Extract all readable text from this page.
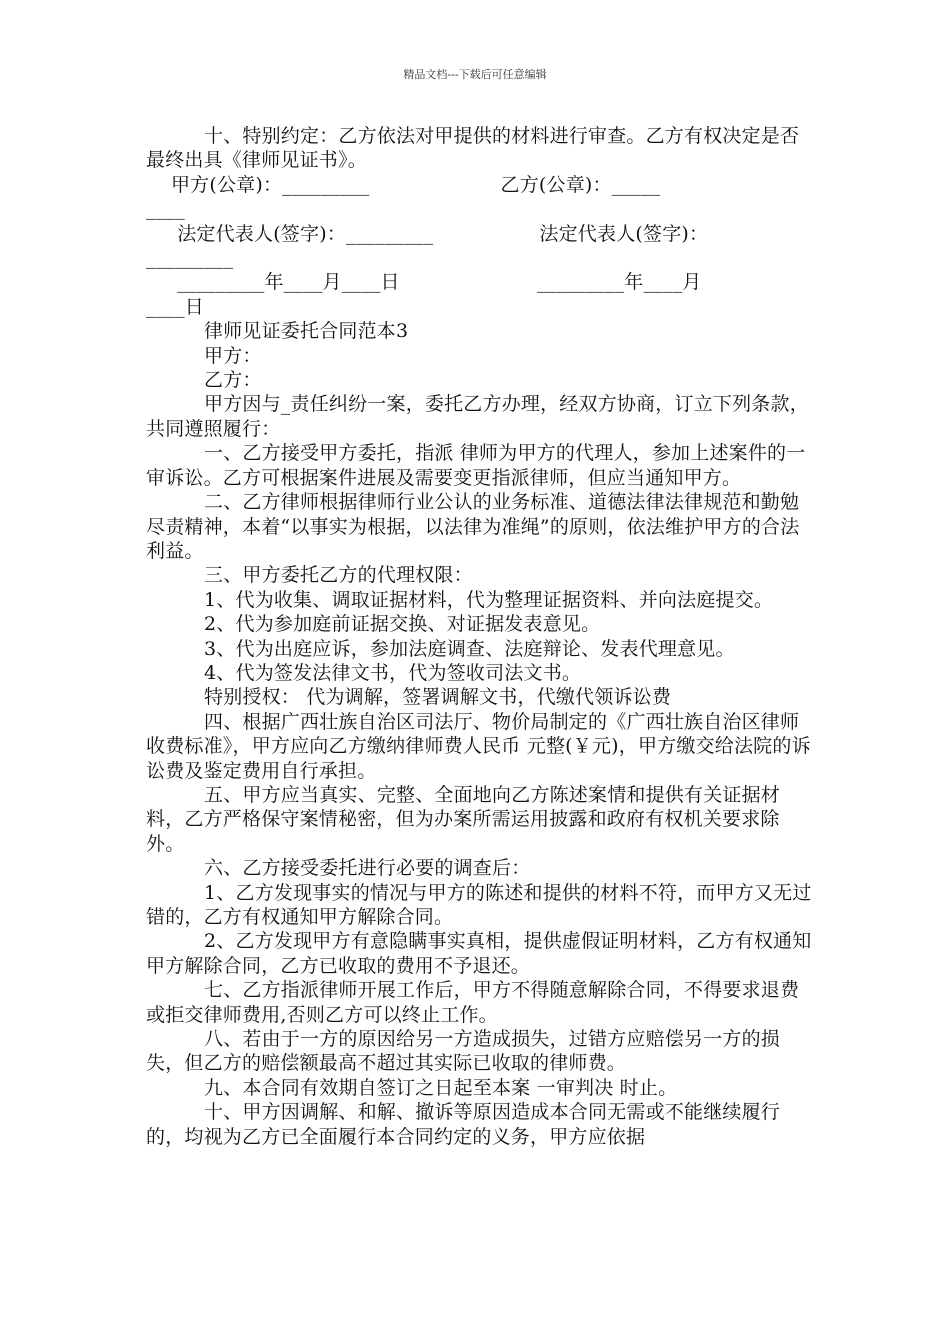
精品文档---下载后可任意编辑

十、特别约定：乙方依法对甲提供的材料进行审查。乙方有权决定是否最终出具《律师见证书》。

甲方(公章)：_________                     乙方(公章)：_____

____

法定代表人(签字)：_________                 法定代表人(签字)：

_________

_________年____月____日                      _________年____月

____日

律师见证委托合同范本3

甲方：

乙方：

甲方因与_责任纠纷一案，委托乙方办理，经双方协商，订立下列条款，共同遵照履行：

一、乙方接受甲方委托，指派 律师为甲方的代理人，参加上述案件的一审诉讼。乙方可根据案件进展及需要变更指派律师，但应当通知甲方。

二、乙方律师根据律师行业公认的业务标准、道德法律法律规范和勤勉尽责精神，本着“以事实为根据，以法律为准绳”的原则，依法维护甲方的合法利益。

三、甲方委托乙方的代理权限：

1、代为收集、调取证据材料，代为整理证据资料、并向法庭提交。

2、代为参加庭前证据交换、对证据发表意见。

3、代为出庭应诉，参加法庭调查、法庭辩论、发表代理意见。

4、代为签发法律文书，代为签收司法文书。

特别授权： 代为调解，签署调解文书，代缴代领诉讼费

四、根据广西壮族自治区司法厅、物价局制定的《广西壮族自治区律师收费标准》，甲方应向乙方缴纳律师费人民币 元整(￥元)，甲方缴交给法院的诉讼费及鉴定费用自行承担。

五、甲方应当真实、完整、全面地向乙方陈述案情和提供有关证据材料，乙方严格保守案情秘密，但为办案所需运用披露和政府有权机关要求除外。

六、乙方接受委托进行必要的调查后：

1、乙方发现事实的情况与甲方的陈述和提供的材料不符，而甲方又无过错的，乙方有权通知甲方解除合同。

2、乙方发现甲方有意隐瞒事实真相，提供虚假证明材料，乙方有权通知甲方解除合同，乙方已收取的费用不予退还。

七、乙方指派律师开展工作后，甲方不得随意解除合同，不得要求退费或拒交律师费用,否则乙方可以终止工作。

八、若由于一方的原因给另一方造成损失，过错方应赔偿另一方的损失，但乙方的赔偿额最高不超过其实际已收取的律师费。

九、本合同有效期自签订之日起至本案 一审判决 时止。

十、甲方因调解、和解、撤诉等原因造成本合同无需或不能继续履行的，均视为乙方已全面履行本合同约定的义务，甲方应依据
